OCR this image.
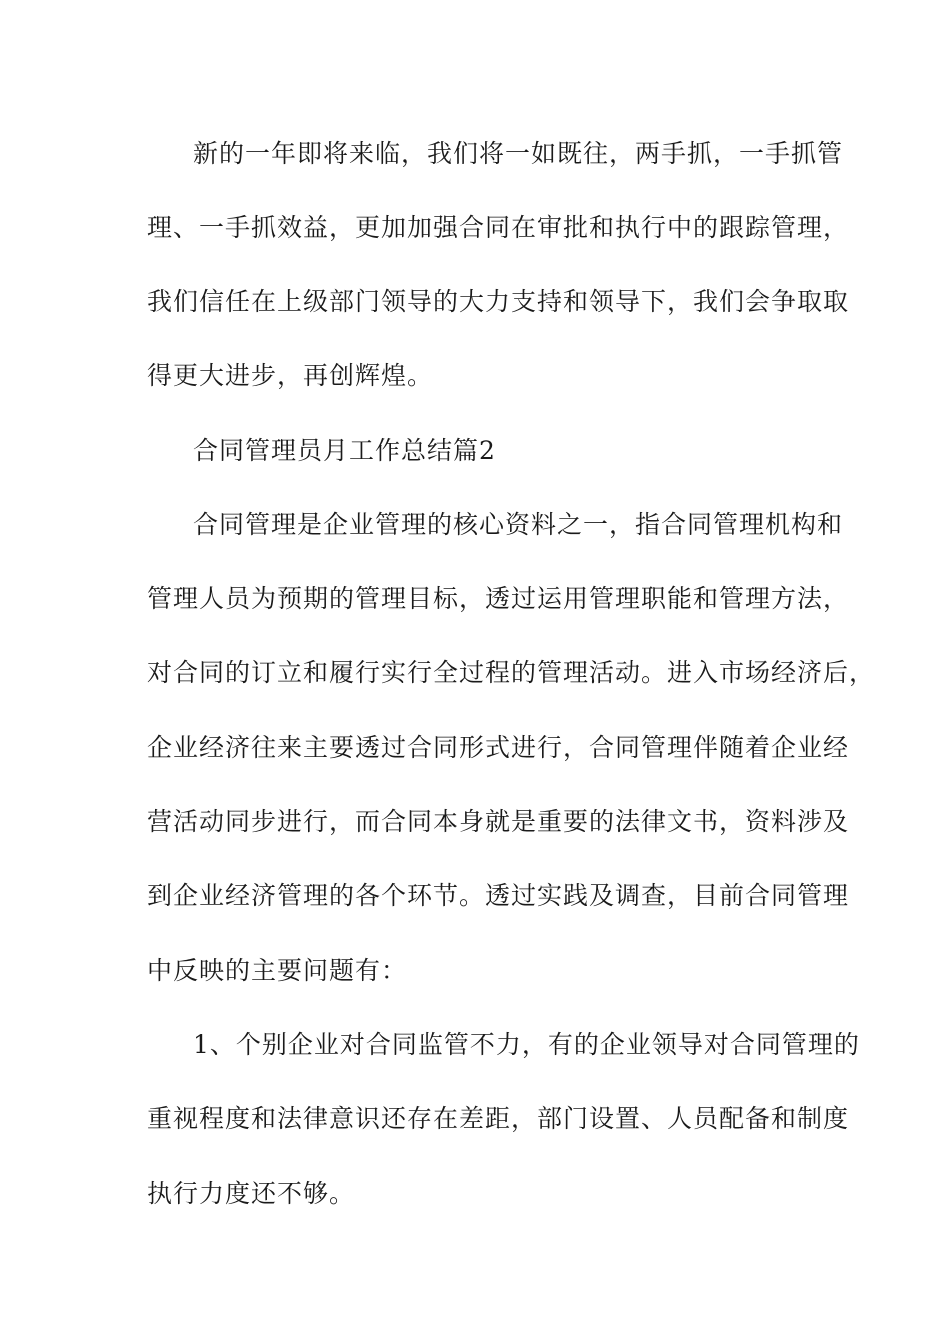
新的一年即将来临，我们将一如既往，两手抓，一手抓管
理、一手抓效益，更加加强合同在审批和执行中的跟踪管理，
我们信任在上级部门领导的大力支持和领导下，我们会争取取
得更大进步，再创辉煌。
合同管理员月工作总结篇2
合同管理是企业管理的核心资料之一，指合同管理机构和
管理人员为预期的管理目标，透过运用管理职能和管理方法，
对合同的订立和履行实行全过程的管理活动。进入市场经济后，
企业经济往来主要透过合同形式进行，合同管理伴随着企业经
营活动同步进行，而合同本身就是重要的法律文书，资料涉及
到企业经济管理的各个环节。透过实践及调查，目前合同管理
中反映的主要问题有：
1、个别企业对合同监管不力，有的企业领导对合同管理的
重视程度和法律意识还存在差距，部门设置、人员配备和制度
执行力度还不够。
